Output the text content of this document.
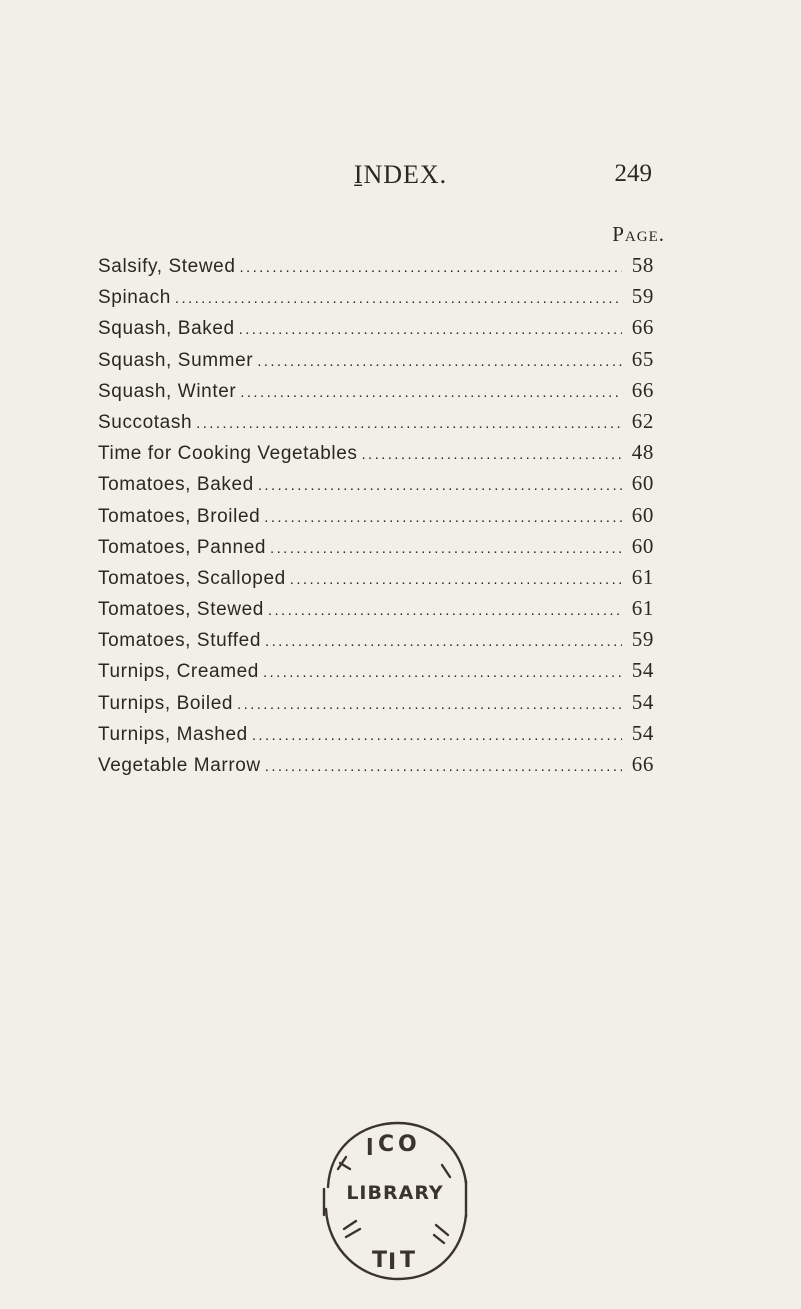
I̱NDEX.	249
Page.
Salsify, Stewed .....	58
Spinach .....	59
Squash, Baked .....	66
Squash, Summer .....	65
Squash, Winter .....	66
Succotash .....	62
Time for Cooking Vegetables .....	48
Tomatoes, Baked .....	60
Tomatoes, Broiled .....	60
Tomatoes, Panned .....	60
Tomatoes, Scalloped .....	61
Tomatoes, Stewed .....	61
Tomatoes, Stuffed .....	59
Turnips, Creamed .....	54
Turnips, Boiled .....	54
Turnips, Mashed .....	54
Vegetable Marrow .....	66
l C O
T I T
LIBRARY
